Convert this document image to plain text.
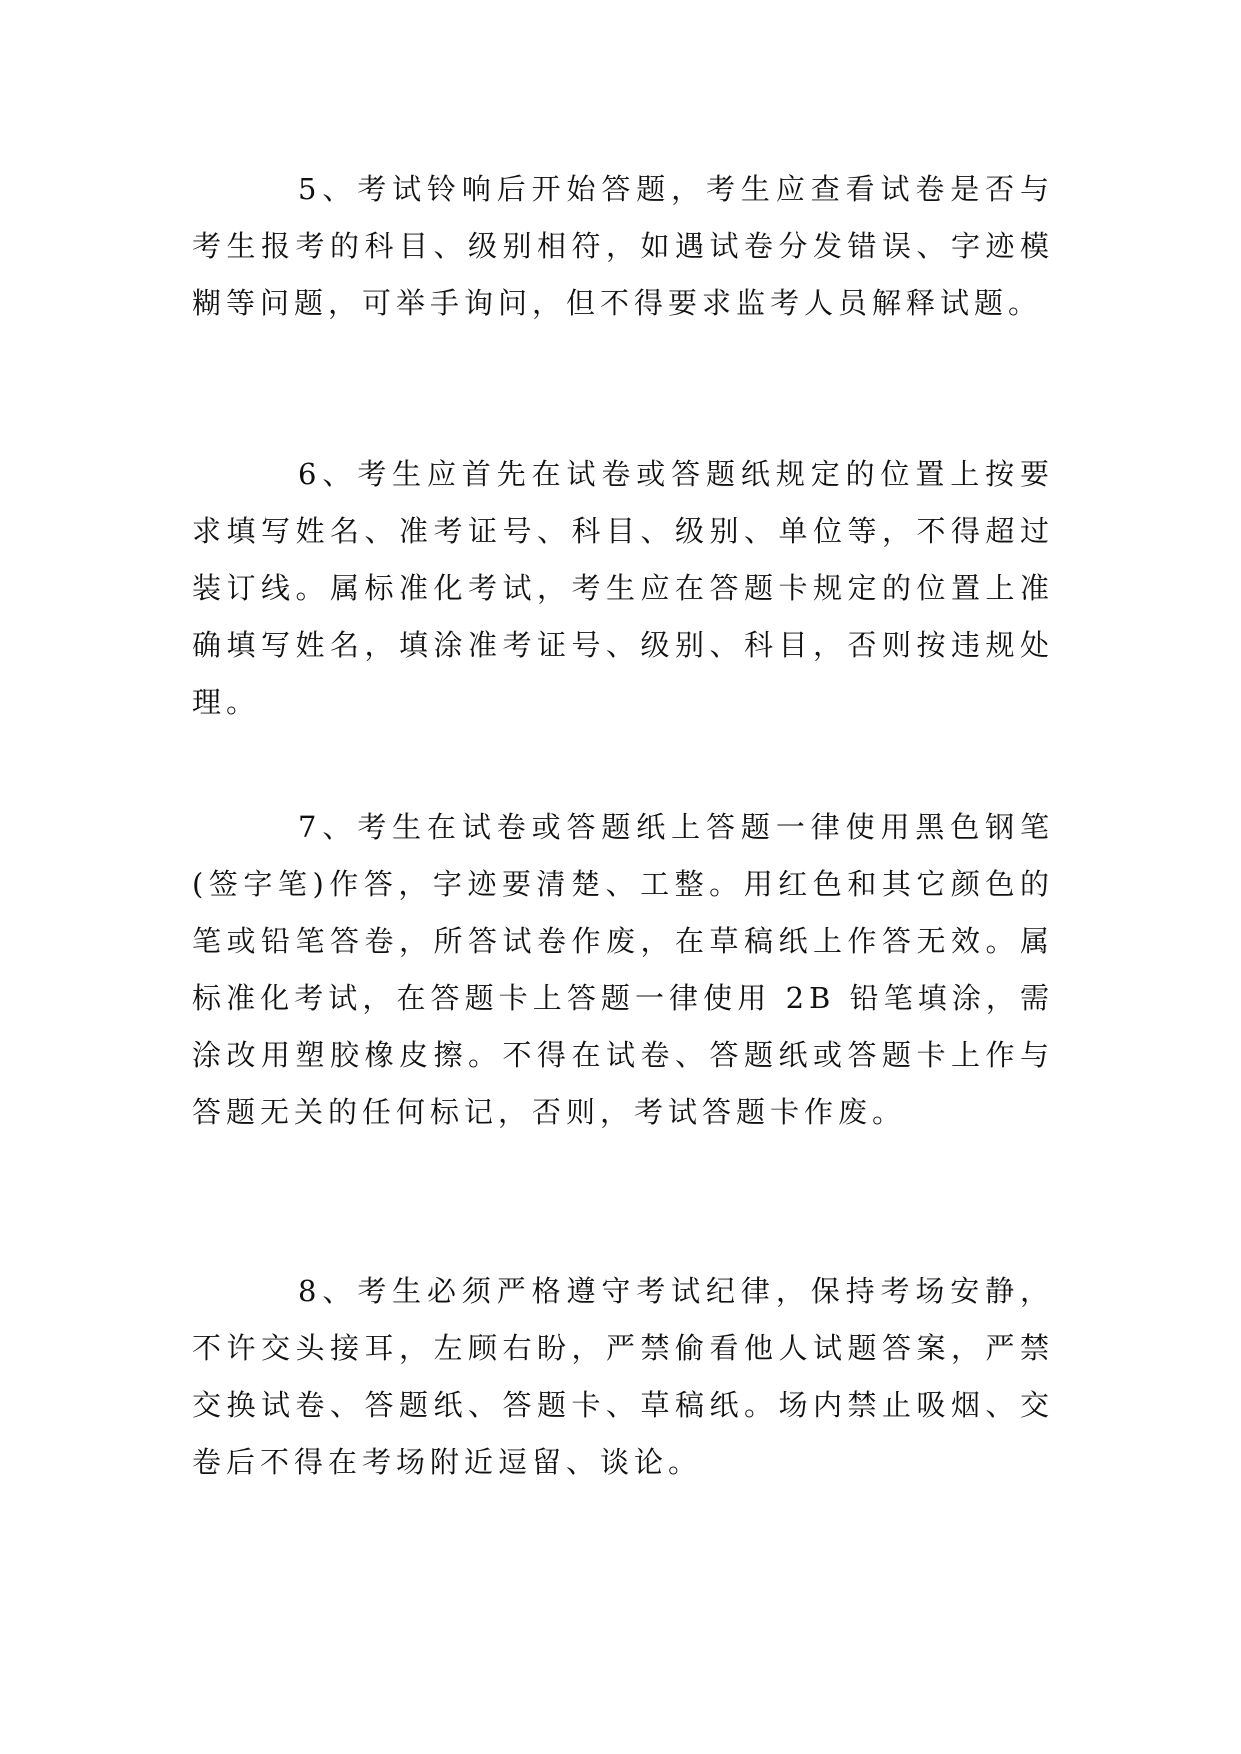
5、考试铃响后开始答题，考生应查看试卷是否与考生报考的科目、级别相符，如遇试卷分发错误、字迹模糊等问题，可举手询问，但不得要求监考人员解释试题。

6、考生应首先在试卷或答题纸规定的位置上按要求填写姓名、准考证号、科目、级别、单位等，不得超过装订线。属标准化考试，考生应在答题卡规定的位置上准确填写姓名，填涂准考证号、级别、科目，否则按违规处理。

7、考生在试卷或答题纸上答题一律使用黑色钢笔(签字笔)作答，字迹要清楚、工整。用红色和其它颜色的笔或铅笔答卷，所答试卷作废，在草稿纸上作答无效。属标准化考试，在答题卡上答题一律使用 2B 铅笔填涂，需涂改用塑胶橡皮擦。不得在试卷、答题纸或答题卡上作与答题无关的任何标记，否则，考试答题卡作废。

8、考生必须严格遵守考试纪律，保持考场安静，不许交头接耳，左顾右盼，严禁偷看他人试题答案，严禁交换试卷、答题纸、答题卡、草稿纸。场内禁止吸烟、交卷后不得在考场附近逗留、谈论。
